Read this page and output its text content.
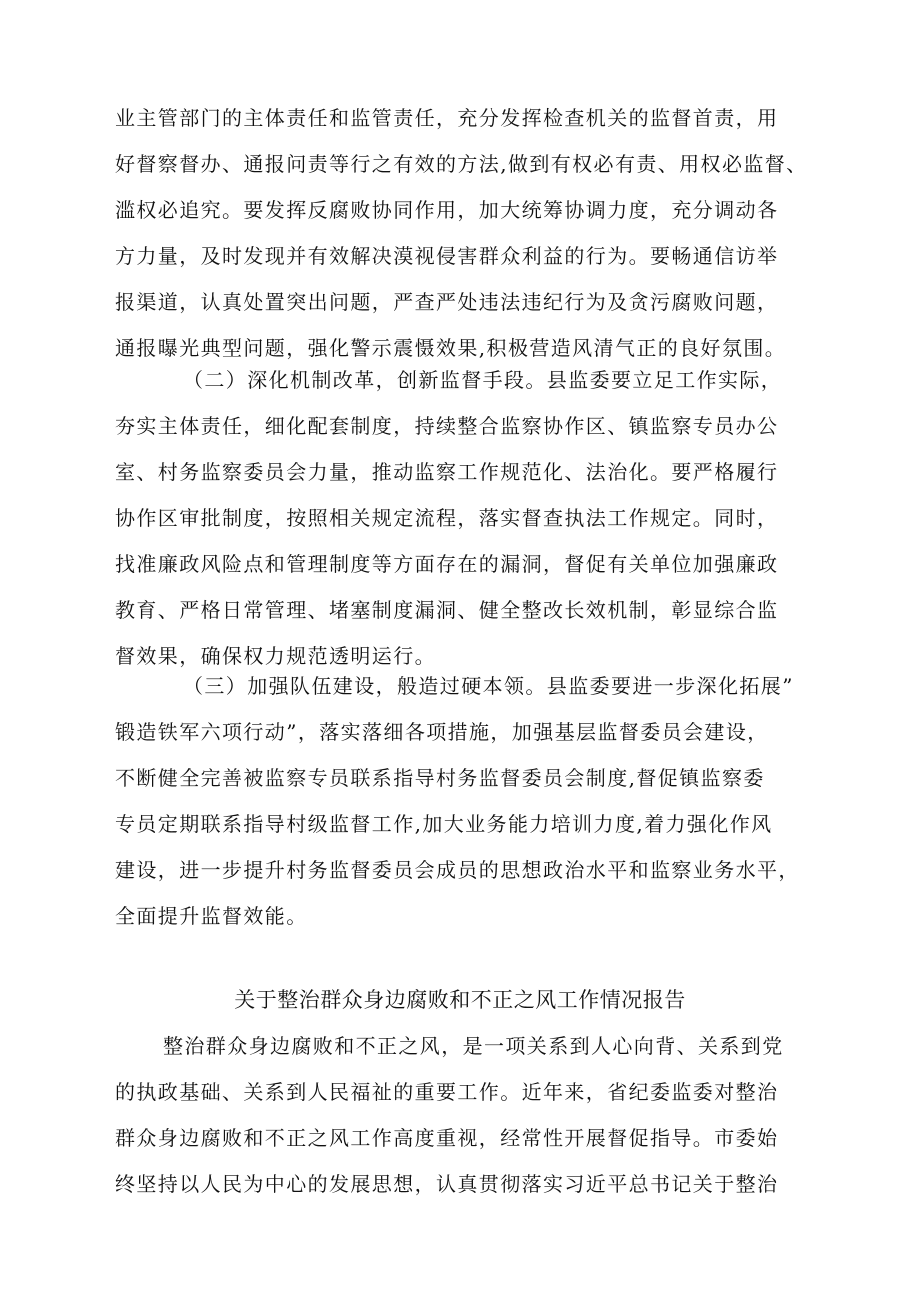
业主管部门的主体责任和监管责任，充分发挥检查机关的监督首责，用
好督察督办、通报问责等行之有效的方法,做到有权必有责、用权必监督、
滥权必追究。要发挥反腐败协同作用，加大统筹协调力度，充分调动各
方力量，及时发现并有效解决漠视侵害群众利益的行为。要畅通信访举
报渠道，认真处置突出问题，严查严处违法违纪行为及贪污腐败问题，
通报曝光典型问题，强化警示震慑效果,积极营造风清气正的良好氛围。
（二）深化机制改革，创新监督手段。县监委要立足工作实际，
夯实主体责任，细化配套制度，持续整合监察协作区、镇监察专员办公
室、村务监察委员会力量，推动监察工作规范化、法治化。要严格履行
协作区审批制度，按照相关规定流程，落实督查执法工作规定。同时，
找准廉政风险点和管理制度等方面存在的漏洞，督促有关单位加强廉政
教育、严格日常管理、堵塞制度漏洞、健全整改长效机制，彰显综合监
督效果，确保权力规范透明运行。
（三）加强队伍建设，般造过硬本领。县监委要进一步深化拓展”
锻造铁军六项行动”，落实落细各项措施，加强基层监督委员会建设，
不断健全完善被监察专员联系指导村务监督委员会制度,督促镇监察委
专员定期联系指导村级监督工作,加大业务能力培训力度,着力强化作风
建设，进一步提升村务监督委员会成员的思想政治水平和监察业务水平，
全面提升监督效能。
关于整治群众身边腐败和不正之风工作情况报告
整治群众身边腐败和不正之风，是一项关系到人心向背、关系到党
的执政基础、关系到人民福祉的重要工作。近年来，省纪委监委对整治
群众身边腐败和不正之风工作高度重视，经常性开展督促指导。市委始
终坚持以人民为中心的发展思想，认真贯彻落实习近平总书记关于整治
